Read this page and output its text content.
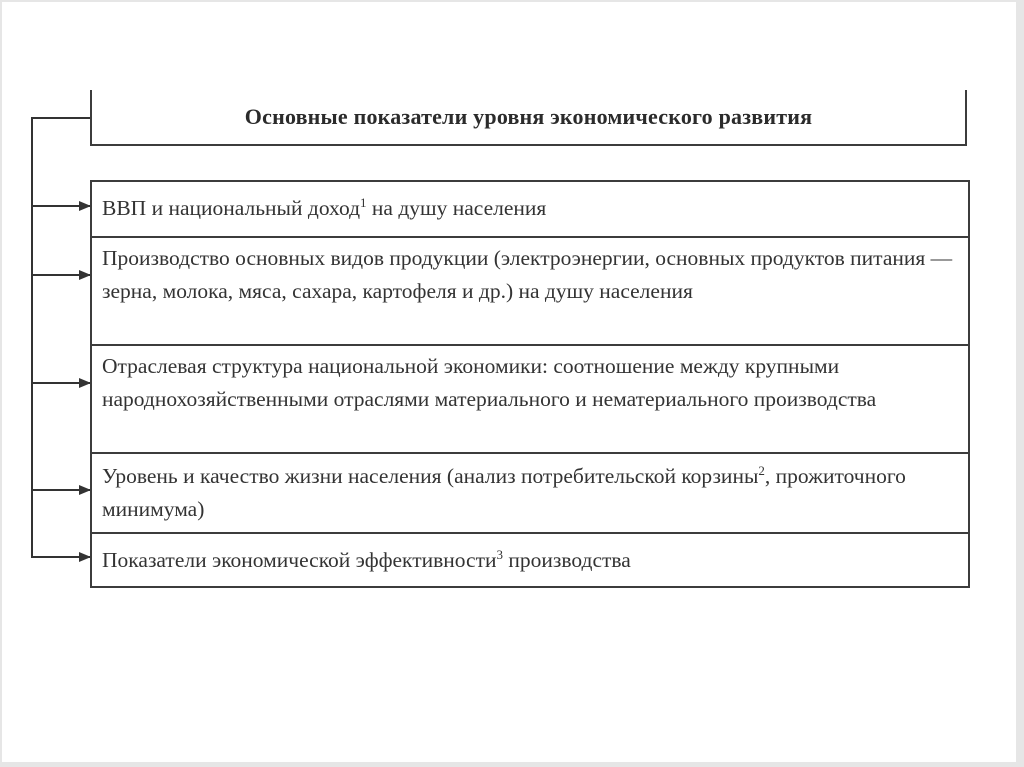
Основные показатели уровня экономического развития
ВВП и национальный доход$^1$ на душу населения
Производство основных видов продукции (электроэнергии, основных продуктов питания — зерна, молока, мяса, сахара, картофеля и др.) на душу населения
Отраслевая структура национальной экономики: соотношение между крупными народнохозяйственными отраслями материального и нематериального производства
Уровень и качество жизни населения (анализ потребительской корзины$^2$, прожиточного минимума)
Показатели экономической эффективности$^3$ производства
